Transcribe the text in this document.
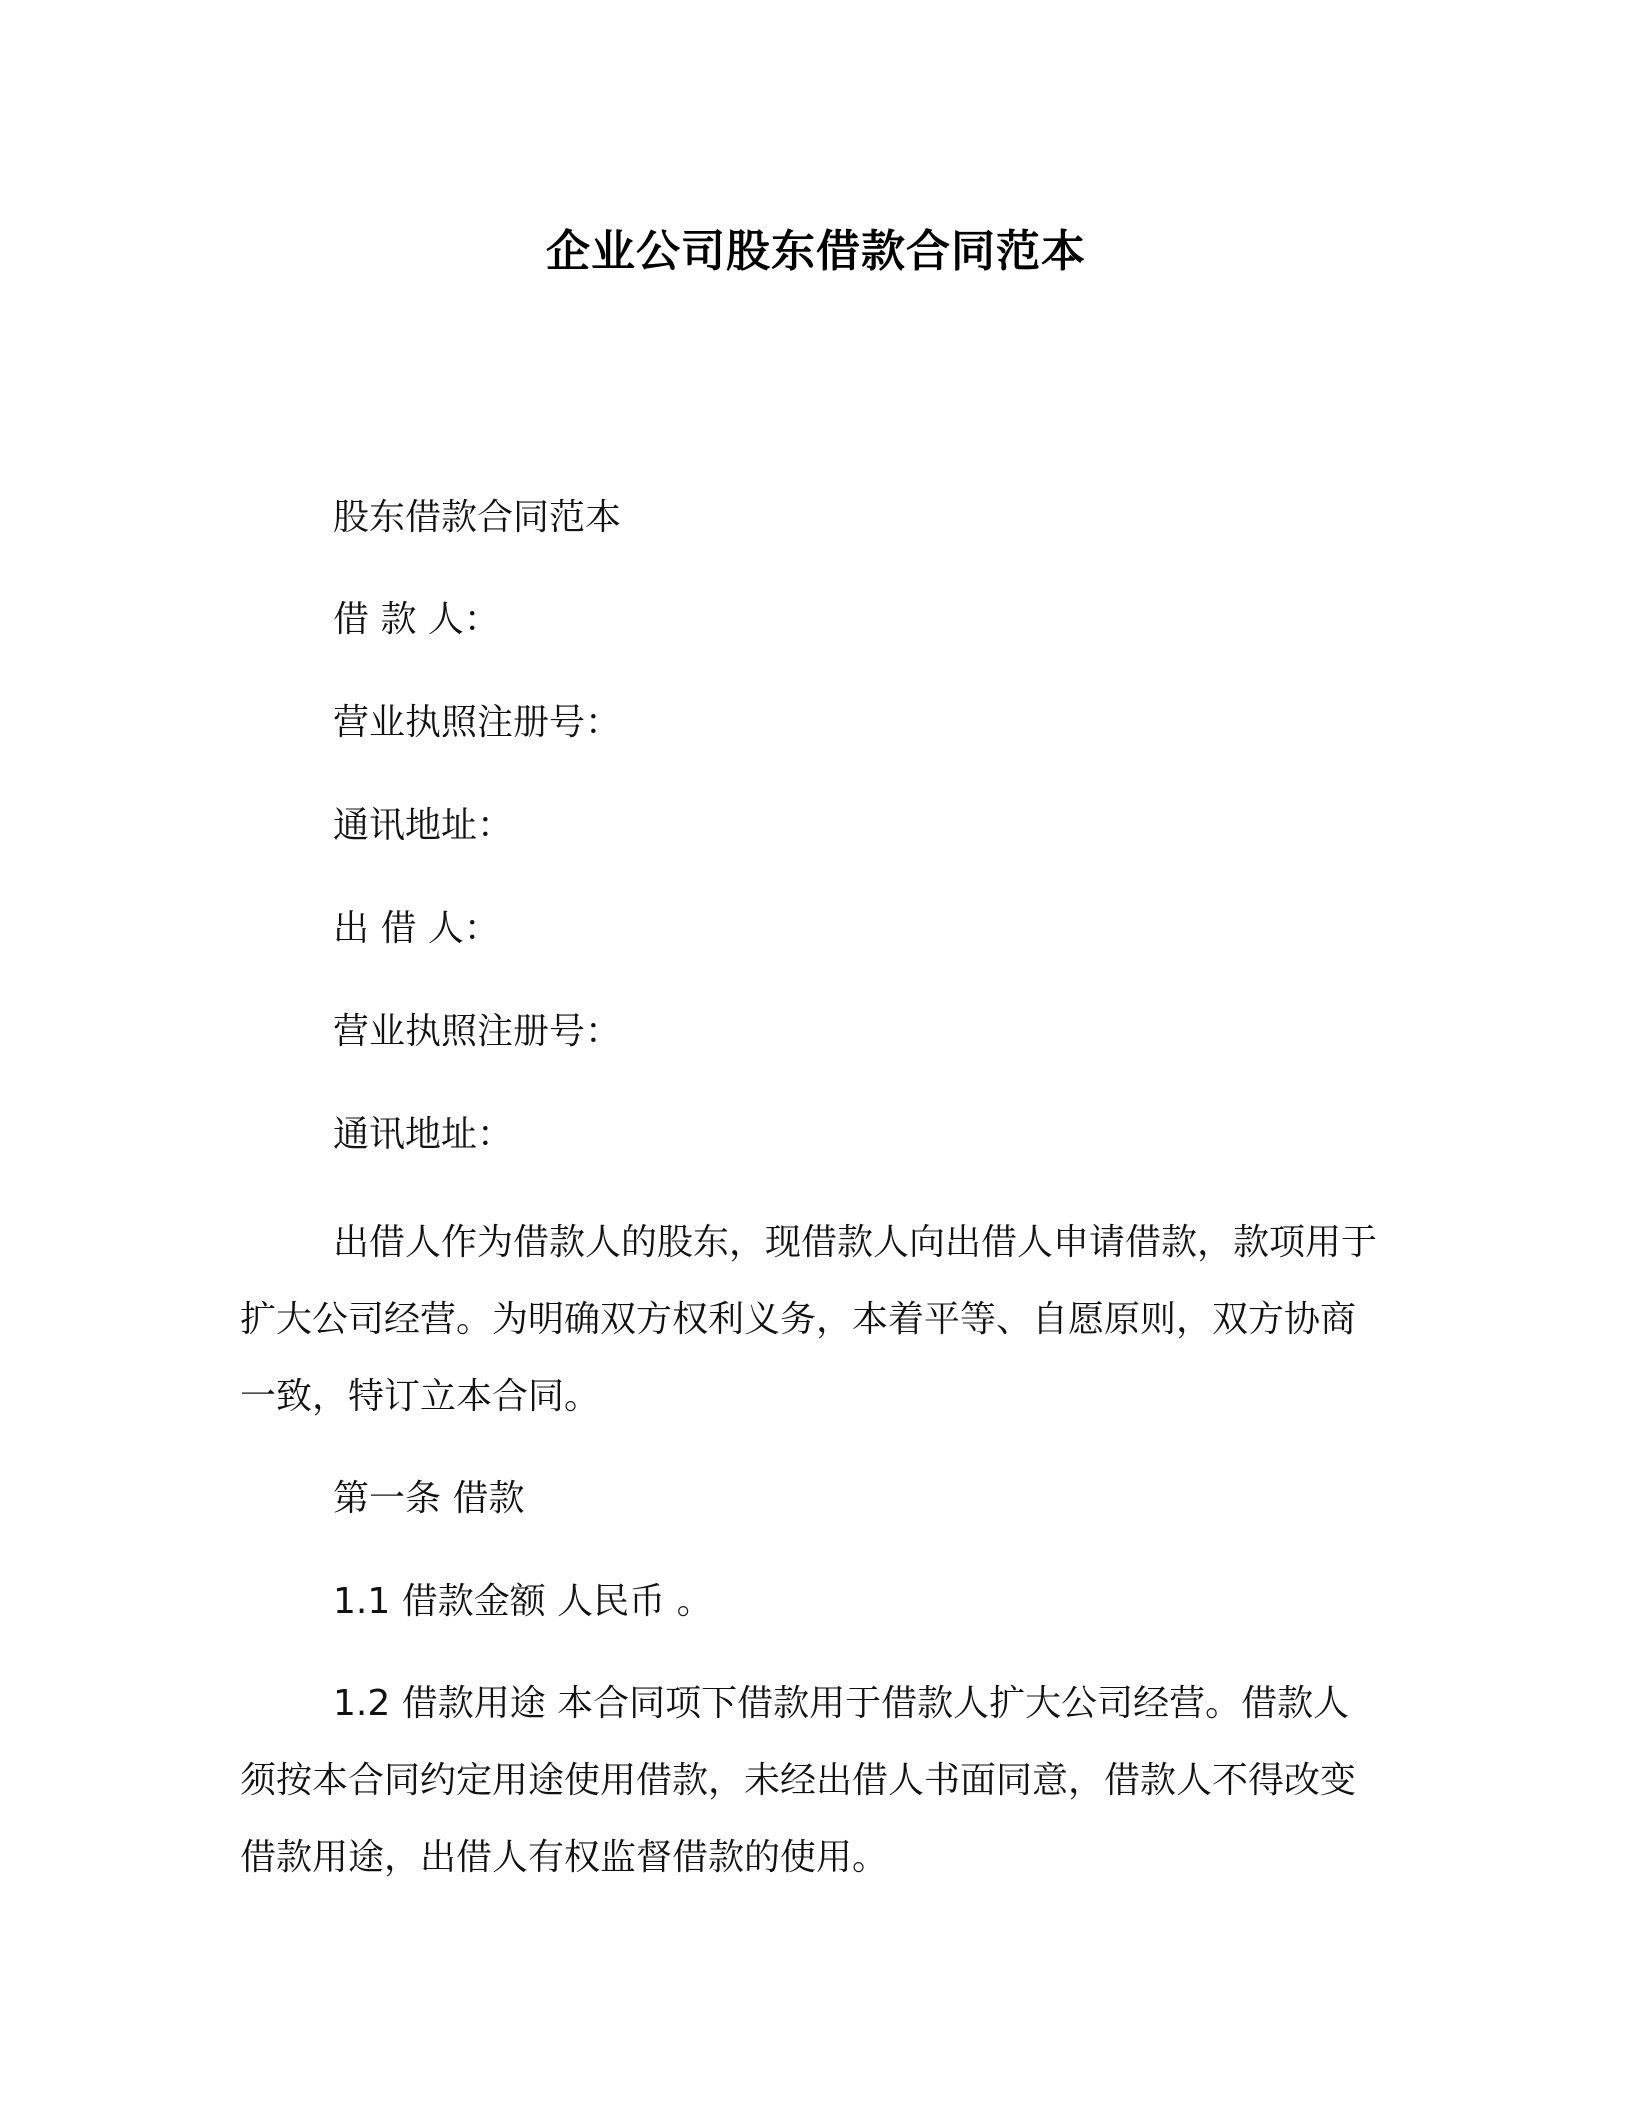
企业公司股东借款合同范本
股东借款合同范本
借 款 人：
营业执照注册号：
通讯地址：
出 借 人：
营业执照注册号：
通讯地址：
出借人作为借款人的股东，现借款人向出借人申请借款，款项用于扩大公司经营。为明确双方权利义务，本着平等、自愿原则，双方协商一致，特订立本合同。
第一条 借款
1.1 借款金额 人民币 。
1.2 借款用途 本合同项下借款用于借款人扩大公司经营。借款人须按本合同约定用途使用借款，未经出借人书面同意，借款人不得改变借款用途，出借人有权监督借款的使用。
